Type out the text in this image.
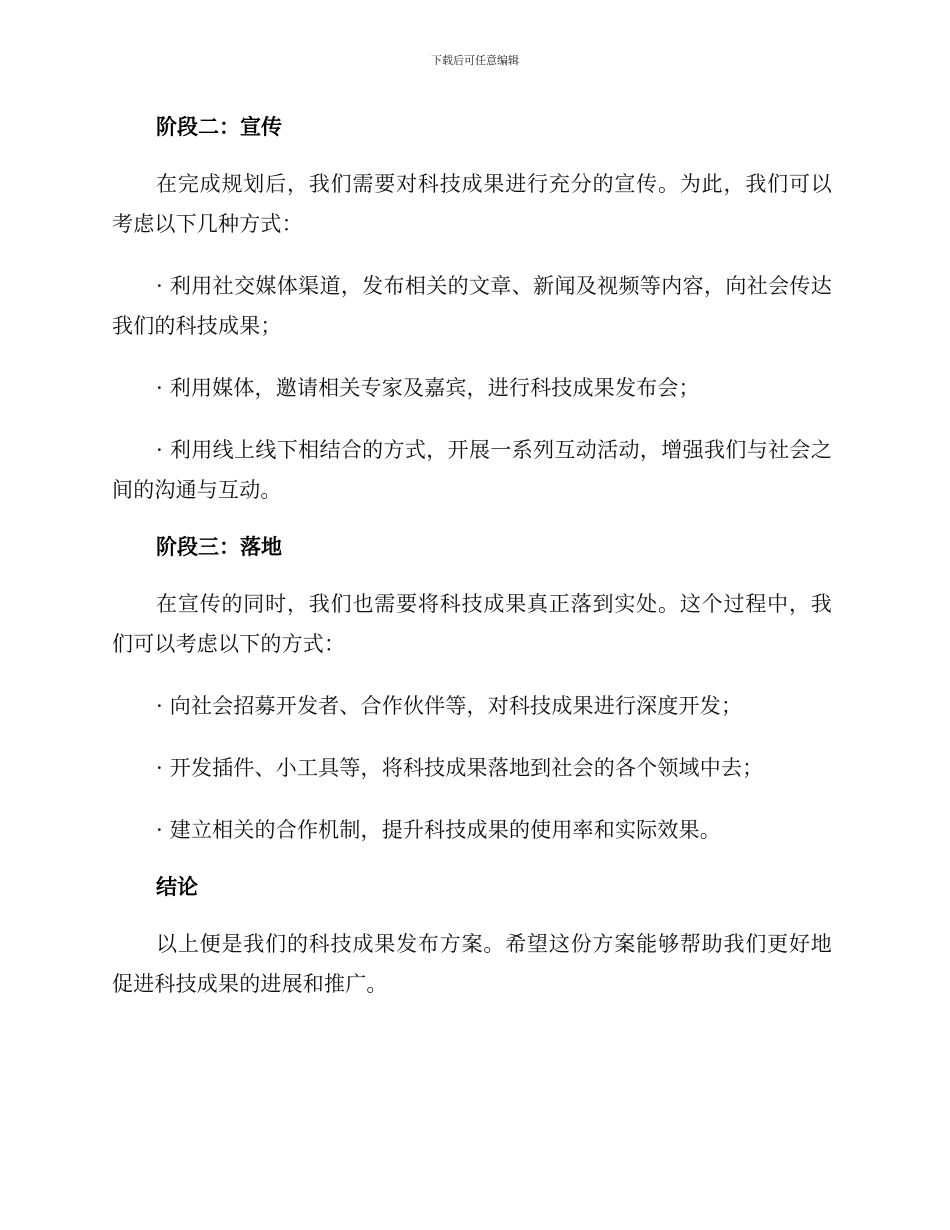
下载后可任意编辑
阶段二：宣传

在完成规划后，我们需要对科技成果进行充分的宣传。为此，我们可以考虑以下几种方式：

· 利用社交媒体渠道，发布相关的文章、新闻及视频等内容，向社会传达我们的科技成果；

· 利用媒体，邀请相关专家及嘉宾，进行科技成果发布会；

· 利用线上线下相结合的方式，开展一系列互动活动，增强我们与社会之间的沟通与互动。

阶段三：落地

在宣传的同时，我们也需要将科技成果真正落到实处。这个过程中，我们可以考虑以下的方式：

· 向社会招募开发者、合作伙伴等，对科技成果进行深度开发；

· 开发插件、小工具等，将科技成果落地到社会的各个领域中去；

· 建立相关的合作机制，提升科技成果的使用率和实际效果。

结论

以上便是我们的科技成果发布方案。希望这份方案能够帮助我们更好地促进科技成果的进展和推广。
